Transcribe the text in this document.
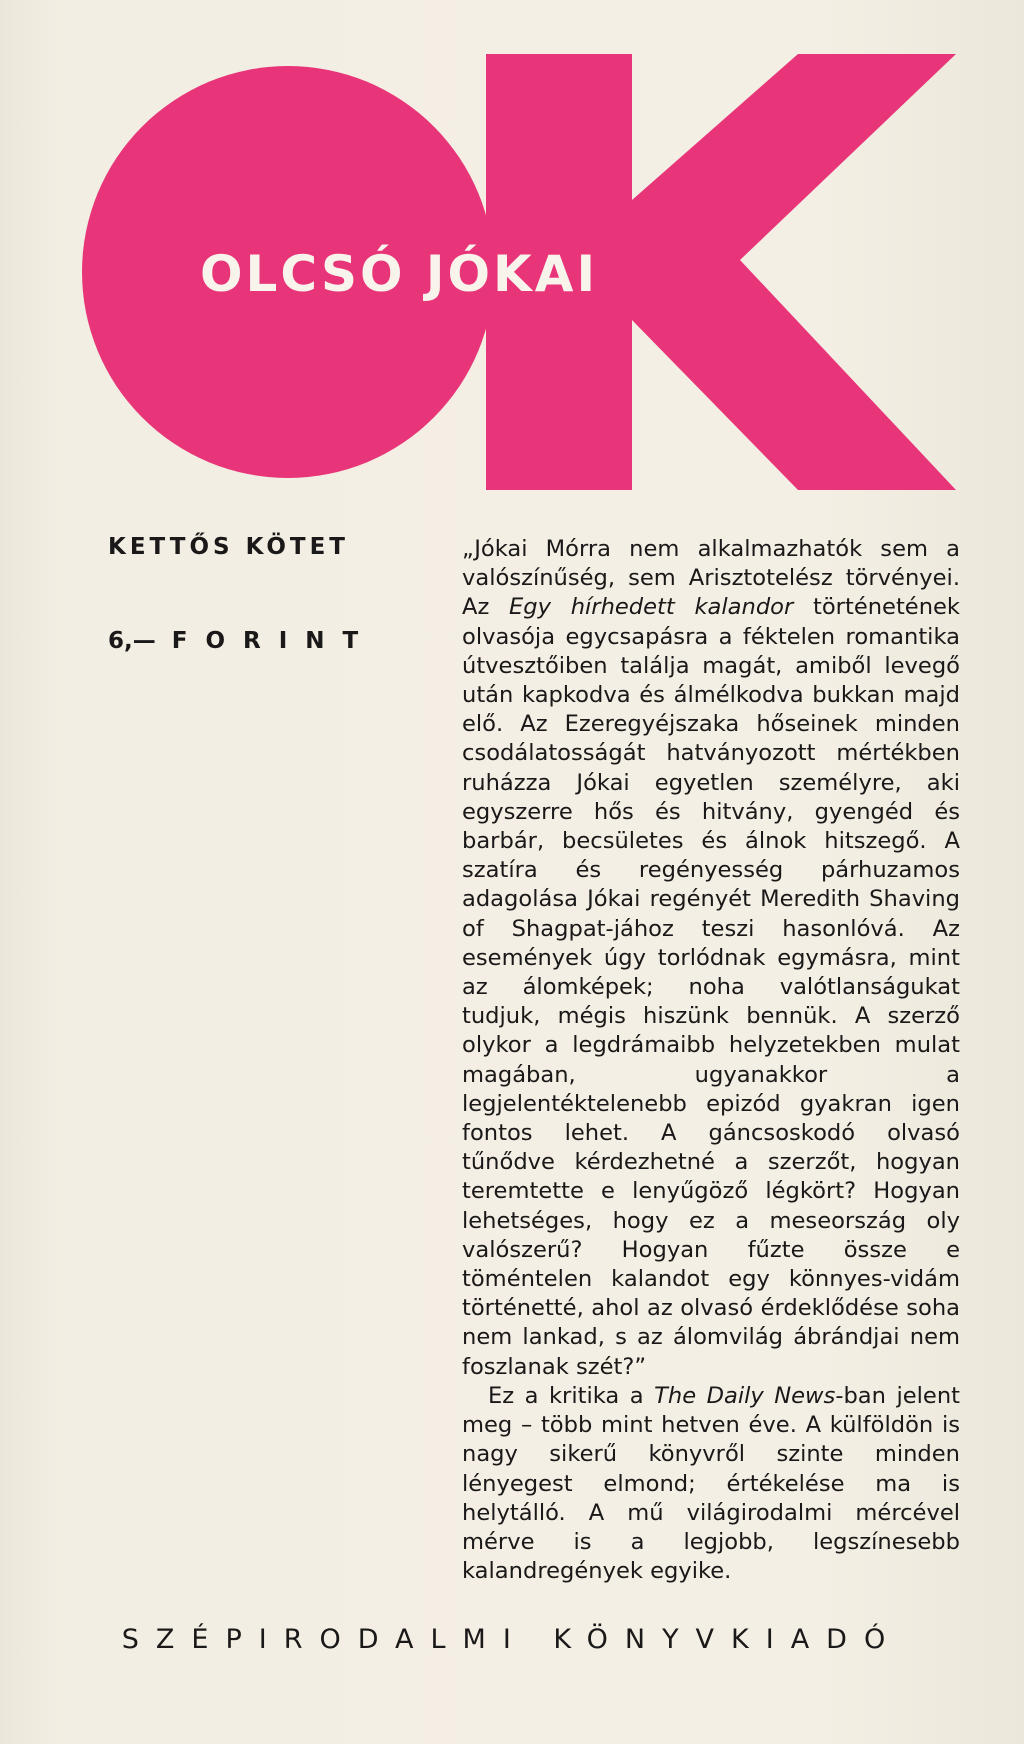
OLCSÓ JÓKAI
KETTŐS KÖTET
6,— FORINT

„Jókai Mórra nem alkalmazhatók sem a valószínűség, sem Arisztotelész törvényei. Az Egy hírhedett kalandor történetének olvasója egycsapásra a féktelen romantika útvesztőiben találja magát, amiből levegő után kapkodva és álmélkodva bukkan majd elő. Az Ezeregyéjszaka hőseinek minden csodálatosságát hatványozott mértékben ruházza Jókai egyetlen személyre, aki egyszerre hős és hitvány, gyengéd és barbár, becsületes és álnok hitszegő. A szatíra és regényesség párhuzamos adagolása Jókai regényét Meredith Shaving of Shagpat-jához teszi hasonlóvá. Az események úgy torlódnak egymásra, mint az álomképek; noha valótlanságukat tudjuk, mégis hiszünk bennük. A szerző olykor a legdrámaibb helyzetekben mulat magában, ugyanakkor a legjelentéktelenebb epizód gyakran igen fontos lehet. A gáncsoskodó olvasó tűnődve kérdezhetné a szerzőt, hogyan teremtette e lenyűgöző légkört? Hogyan lehetséges, hogy ez a meseország oly valószerű? Hogyan fűzte össze e töméntelen kalandot egy könnyes-vidám történetté, ahol az olvasó érdeklődése soha nem lankad, s az álomvilág ábrándjai nem foszlanak szét?”

Ez a kritika a The Daily News-ban jelent meg – több mint hetven éve. A külföldön is nagy sikerű könyvről szinte minden lényegest elmond; értékelése ma is helytálló. A mű világirodalmi mércével mérve is a legjobb, legszínesebb kalandregények egyike.

SZÉPIRODALMI KÖNYVKIADÓ
